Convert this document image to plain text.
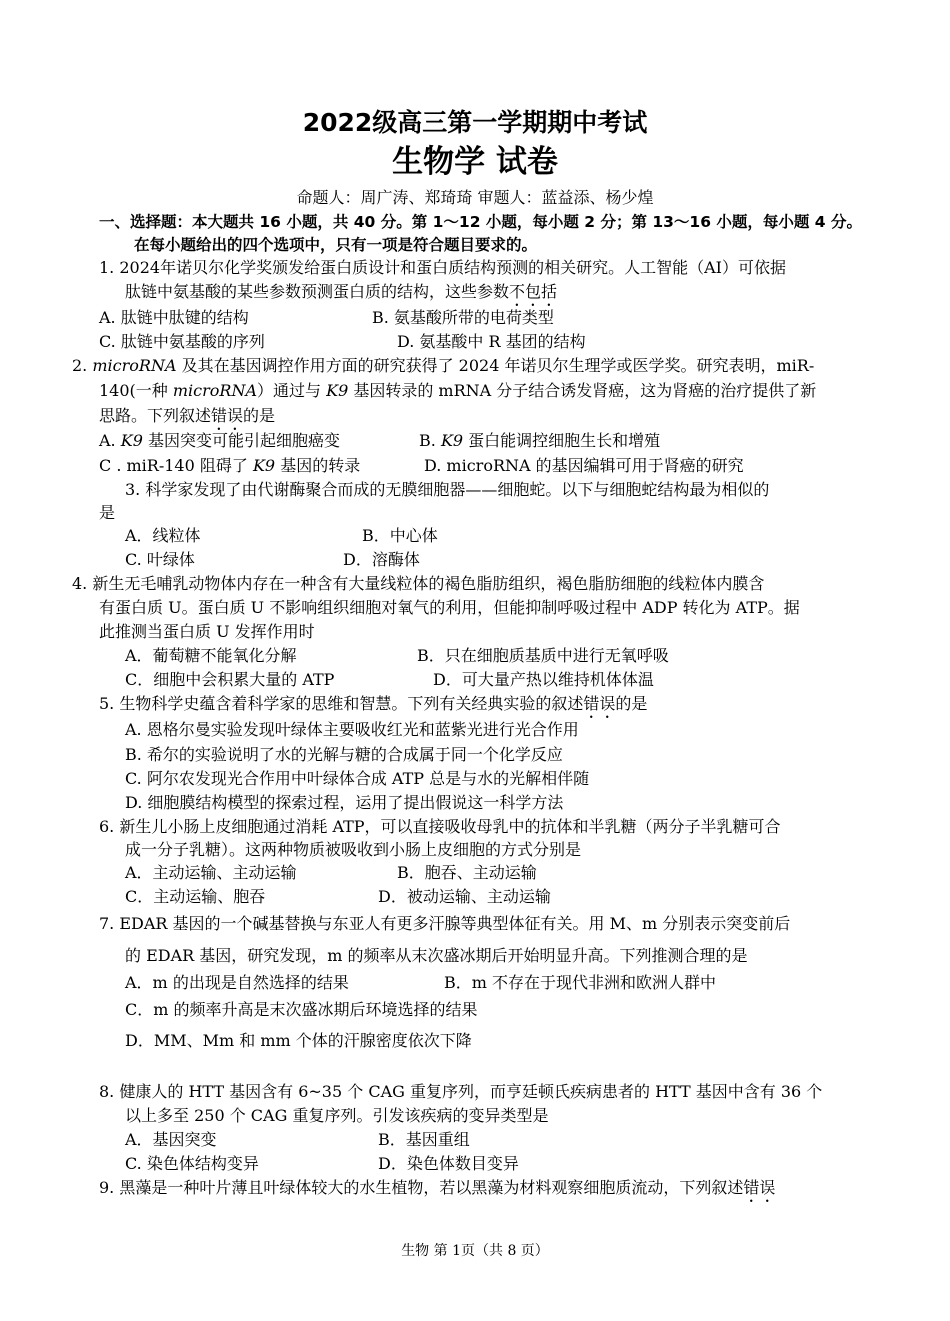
2022级高三第一学期期中考试
生物学 试卷
命题人：周广涛、郑琦琦 审题人：蓝益添、杨少煌
一、选择题：本大题共 16 小题，共 40 分。第 1～12 小题，每小题 2 分；第 13～16 小题，每小题 4 分。
在每小题给出的四个选项中，只有一项是符合题目要求的。
1. 2024年诺贝尔化学奖颁发给蛋白质设计和蛋白质结构预测的相关研究。人工智能（AI）可依据
肽链中氨基酸的某些参数预测蛋白质的结构，这些参数不包括
A. 肽链中肽键的结构	B. 氨基酸所带的电荷类型
C. 肽链中氨基酸的序列	D. 氨基酸中 R 基团的结构
2. microRNA 及其在基因调控作用方面的研究获得了 2024 年诺贝尔生理学或医学奖。研究表明，miR-
140(一种 microRNA）通过与 K9 基因转录的 mRNA 分子结合诱发肾癌，这为肾癌的治疗提供了新
思路。下列叙述错误的是
A. K9 基因突变可能引起细胞癌变	B. K9 蛋白能调控细胞生长和增殖
C . miR-140 阻碍了 K9 基因的转录	D. microRNA 的基因编辑可用于肾癌的研究
3. 科学家发现了由代谢酶聚合而成的无膜细胞器——细胞蛇。以下与细胞蛇结构最为相似的
是
A．线粒体	B．中心体
C. 叶绿体	D．溶酶体
4. 新生无毛哺乳动物体内存在一种含有大量线粒体的褐色脂肪组织，褐色脂肪细胞的线粒体内膜含
有蛋白质 U。蛋白质 U 不影响组织细胞对氧气的利用，但能抑制呼吸过程中 ADP 转化为 ATP。据
此推测当蛋白质 U 发挥作用时
A．葡萄糖不能氧化分解	B．只在细胞质基质中进行无氧呼吸
C．细胞中会积累大量的 ATP	D．可大量产热以维持机体体温
5. 生物科学史蕴含着科学家的思维和智慧。下列有关经典实验的叙述错误的是
A. 恩格尔曼实验发现叶绿体主要吸收红光和蓝紫光进行光合作用
B. 希尔的实验说明了水的光解与糖的合成属于同一个化学反应
C. 阿尔农发现光合作用中叶绿体合成 ATP 总是与水的光解相伴随
D. 细胞膜结构模型的探索过程，运用了提出假说这一科学方法
6. 新生儿小肠上皮细胞通过消耗 ATP，可以直接吸收母乳中的抗体和半乳糖（两分子半乳糖可合
成一分子乳糖）。这两种物质被吸收到小肠上皮细胞的方式分别是
A．主动运输、主动运输	B．胞吞、主动运输
C．主动运输、胞吞	D．被动运输、主动运输
7. EDAR 基因的一个碱基替换与东亚人有更多汗腺等典型体征有关。用 M、m 分别表示突变前后
的 EDAR 基因，研究发现，m 的频率从末次盛冰期后开始明显升高。下列推测合理的是
A．m 的出现是自然选择的结果	B．m 不存在于现代非洲和欧洲人群中
C．m 的频率升高是末次盛冰期后环境选择的结果
D．MM、Mm 和 mm 个体的汗腺密度依次下降
8. 健康人的 HTT 基因含有 6~35 个 CAG 重复序列，而亨廷顿氏疾病患者的 HTT 基因中含有 36 个
以上多至 250 个 CAG 重复序列。引发该疾病的变异类型是
A．基因突变	B．基因重组
C. 染色体结构变异	D．染色体数目变异
9. 黑藻是一种叶片薄且叶绿体较大的水生植物，若以黑藻为材料观察细胞质流动，下列叙述错误
生物 第 1页（共 8 页）
